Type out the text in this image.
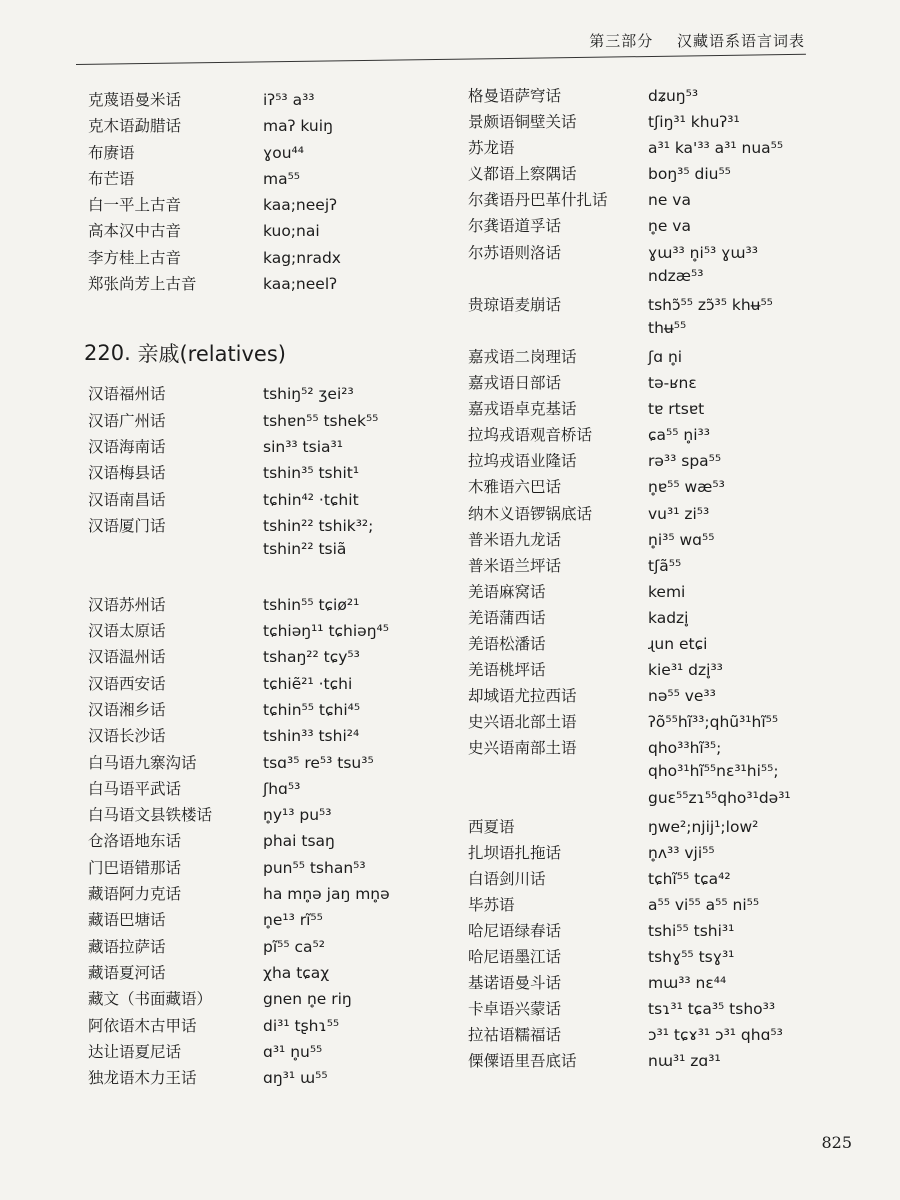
第三部分 汉藏语系语言词表
克蔑语曼米话	iʔ⁵³ a³³
克木语勐腊话	maʔ kuiŋ
布赓语	ɣou⁴⁴
布芒语	ma⁵⁵
白一平上古音	kaa;neejʔ
高本汉中古音	kuo;nai
李方桂上古音	kag;nradx
郑张尚芳上古音	kaa;neelʔ
220.
亲戚(relatives)
汉语福州话	tshiŋ⁵² ʒei²³
汉语广州话	tshɐn⁵⁵ tshek⁵⁵
汉语海南话	sin³³ tsia³¹
汉语梅县话	tshin³⁵ tshit¹
汉语南昌话	tɕhin⁴² ·tɕhit
汉语厦门话	tshin²² tshik³²;
tshin²² tsiã
汉语苏州话	tshin⁵⁵ tɕiø²¹
汉语太原话	tɕhiəŋ¹¹ tɕhiəŋ⁴⁵
汉语温州话	tshaŋ²² tɕy⁵³
汉语西安话	tɕhiẽ²¹ ·tɕhi
汉语湘乡话	tɕhin⁵⁵ tɕhi⁴⁵
汉语长沙话	tshin³³ tshi²⁴
白马语九寨沟话	tsɑ³⁵ re⁵³ tsu³⁵
白马语平武话	ʃhɑ⁵³
白马语文县铁楼话	n̥y¹³ pu⁵³
仓洛语地东话	phai tsaŋ
门巴语错那话	pun⁵⁵ tshan⁵³
藏语阿力克话	ha mn̥ə jaŋ mn̥ə
藏语巴塘话	n̥e¹³ rĩ⁵⁵
藏语拉萨话	pĩ⁵⁵ ca⁵²
藏语夏河话	χha tɕaχ
藏文（书面藏语）	gnen n̥e riŋ
阿依语木古甲话	di³¹ tʂhɿ⁵⁵
达让语夏尼话	ɑ³¹ n̥u⁵⁵
独龙语木力王话	ɑŋ³¹ ɯ⁵⁵
格曼语萨穹话	dʑuŋ⁵³
景颇语铜壁关话	tʃiŋ³¹ khuʔ³¹
苏龙语	a³¹ ka'³³ a³¹ nua⁵⁵
义都语上察隅话	boŋ³⁵ diu⁵⁵
尔龚语丹巴革什扎话	ne va
尔龚语道孚话	n̥e va
尔苏语则洛话	ɣɯ³³ n̥i⁵³ ɣɯ³³
ndzæ⁵³
贵琼语麦崩话	tshɔ̃⁵⁵ zɔ̃³⁵ khʉ⁵⁵
thʉ⁵⁵
嘉戎语二岗理话	ʃɑ n̥i
嘉戎语日部话	tə-ʁnɛ
嘉戎语卓克基话	tɐ rtsɐt
拉坞戎语观音桥话	ɕa⁵⁵ n̥i³³
拉坞戎语业隆话	rə³³ spa⁵⁵
木雅语六巴话	n̥ɐ⁵⁵ wæ⁵³
纳木义语锣锅底话	vu³¹ zi⁵³
普米语九龙话	n̥i³⁵ wɑ⁵⁵
普米语兰坪话	tʃã⁵⁵
羌语麻窝话	kemi
羌语蒲西话	kadzi̥
羌语松潘话	ɻun etɕi
羌语桃坪话	kie³¹ dzi̥³³
却域语尤拉西话	nə⁵⁵ ve³³
史兴语北部土语	ʔõ⁵⁵hĩ³³;qhũ³¹hĩ⁵⁵
史兴语南部土语	qho³³hĩ³⁵;
qho³¹hĩ⁵⁵nɛ³¹hi⁵⁵;
guɛ⁵⁵zɿ⁵⁵qho³¹də³¹
西夏语	ŋwe²;njij¹;low²
扎坝语扎拖话	n̥ʌ³³ vji⁵⁵
白语剑川话	tɕhĩ⁵⁵ tɕa⁴²
毕苏语	a⁵⁵ vi⁵⁵ a⁵⁵ ni⁵⁵
哈尼语绿春话	tshi⁵⁵ tshi³¹
哈尼语墨江话	tshɣ⁵⁵ tsɣ³¹
基诺语曼斗话	mɯ³³ nɛ⁴⁴
卡卓语兴蒙话	tsɿ³¹ tɕa³⁵ tsho³³
拉祜语糯福话	ɔ³¹ tɕɤ³¹ ɔ³¹ qhɑ⁵³
傈僳语里吾底话	nɯ³¹ zɑ³¹
825
